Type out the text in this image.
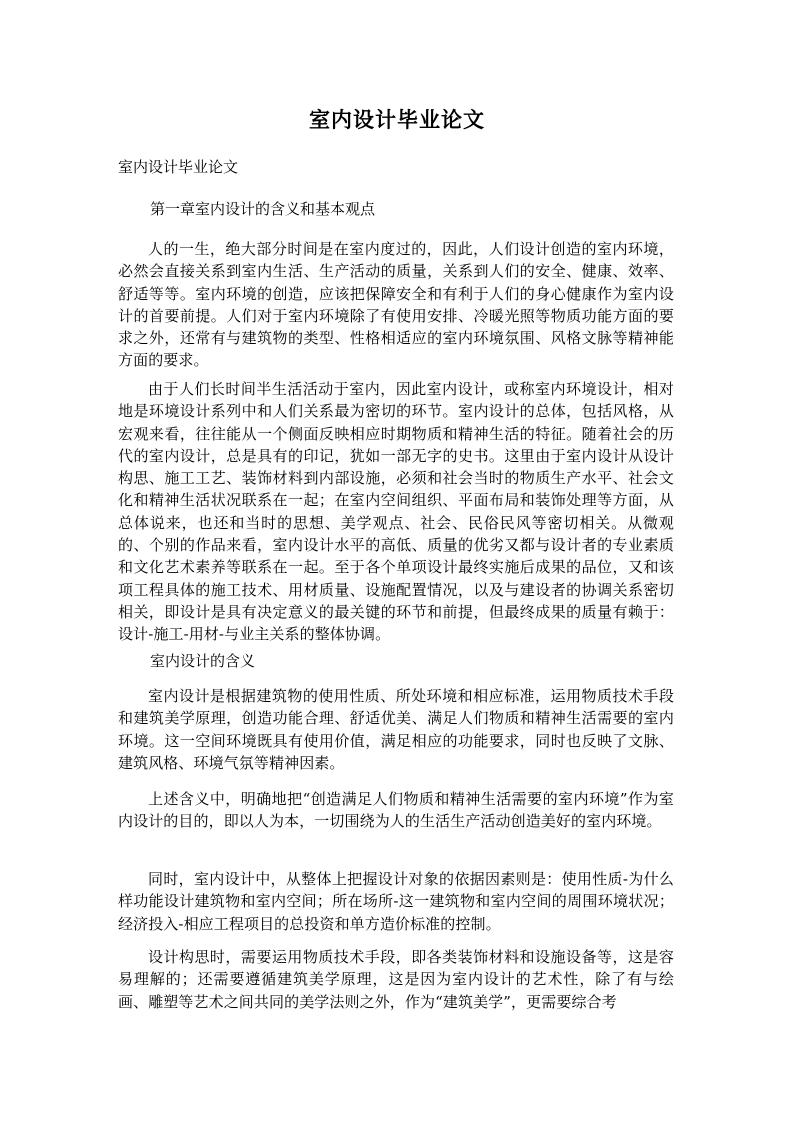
室内设计毕业论文

室内设计毕业论文

第一章室内设计的含义和基本观点

人的一生，绝大部分时间是在室内度过的，因此，人们设计创造的室内环境，必然会直接关系到室内生活、生产活动的质量，关系到人们的安全、健康、效率、舒适等等。室内环境的创造，应该把保障安全和有利于人们的身心健康作为室内设计的首要前提。人们对于室内环境除了有使用安排、冷暖光照等物质功能方面的要求之外，还常有与建筑物的类型、性格相适应的室内环境氛围、风格文脉等精神能方面的要求。

由于人们长时间半生活活动于室内，因此室内设计，或称室内环境设计，相对地是环境设计系列中和人们关系最为密切的环节。室内设计的总体，包括风格，从宏观来看，往往能从一个侧面反映相应时期物质和精神生活的特征。随着社会的历代的室内设计，总是具有的印记，犹如一部无字的史书。这里由于室内设计从设计构思、施工工艺、装饰材料到内部设施，必须和社会当时的物质生产水平、社会文化和精神生活状况联系在一起；在室内空间组织、平面布局和装饰处理等方面，从总体说来，也还和当时的思想、美学观点、社会、民俗民风等密切相关。从微观的、个别的作品来看，室内设计水平的高低、质量的优劣又都与设计者的专业素质和文化艺术素养等联系在一起。至于各个单项设计最终实施后成果的品位，又和该项工程具体的施工技术、用材质量、设施配置情况，以及与建设者的协调关系密切相关，即设计是具有决定意义的最关键的环节和前提，但最终成果的质量有赖于：设计-施工-用材-与业主关系的整体协调。

室内设计的含义

室内设计是根据建筑物的使用性质、所处环境和相应标准，运用物质技术手段和建筑美学原理，创造功能合理、舒适优美、满足人们物质和精神生活需要的室内环境。这一空间环境既具有使用价值，满足相应的功能要求，同时也反映了文脉、建筑风格、环境气氛等精神因素。

上述含义中，明确地把“创造满足人们物质和精神生活需要的室内环境”作为室内设计的目的，即以人为本，一切围绕为人的生活生产活动创造美好的室内环境。

同时，室内设计中，从整体上把握设计对象的依据因素则是：使用性质-为什么样功能设计建筑物和室内空间；所在场所-这一建筑物和室内空间的周围环境状况；经济投入-相应工程项目的总投资和单方造价标准的控制。

设计构思时，需要运用物质技术手段，即各类装饰材料和设施设备等，这是容易理解的；还需要遵循建筑美学原理，这是因为室内设计的艺术性，除了有与绘画、雕塑等艺术之间共同的美学法则之外，作为“建筑美学”，更需要综合考
